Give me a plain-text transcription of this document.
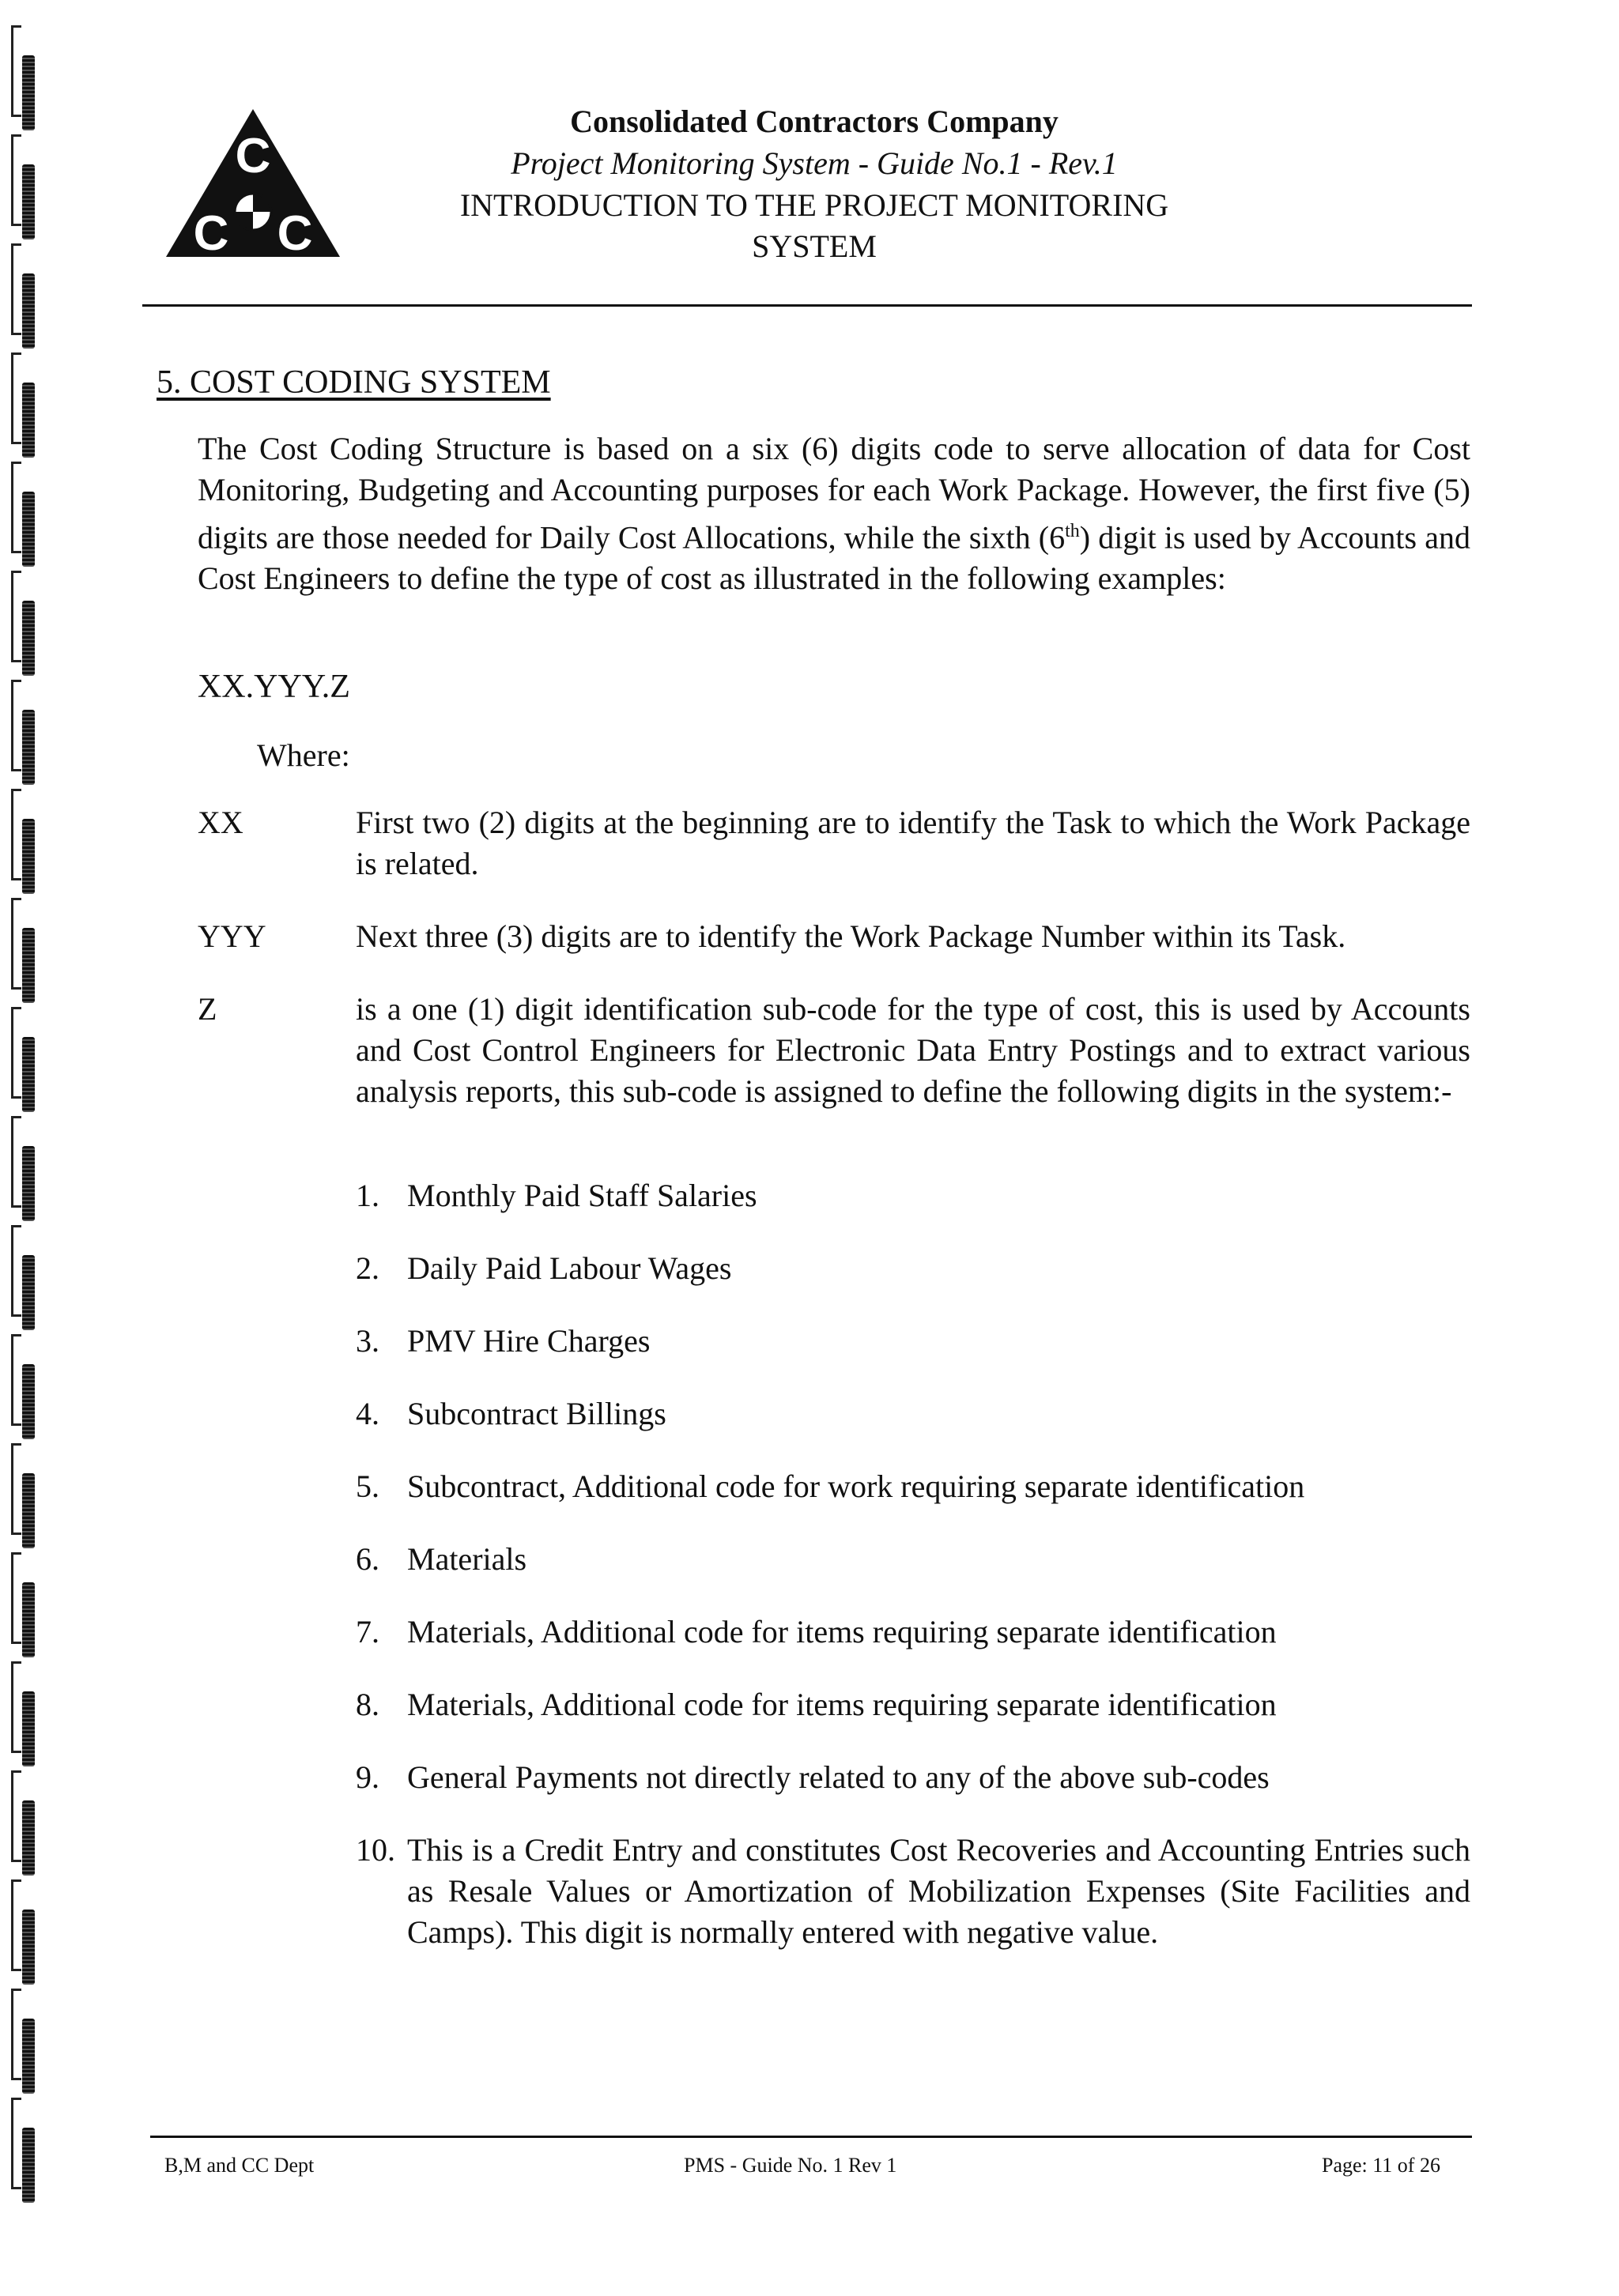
C
C C
Consolidated Contractors Company
Project Monitoring System - Guide No.1 - Rev.1
INTRODUCTION TO THE PROJECT MONITORING
SYSTEM
5. COST CODING SYSTEM
The Cost Coding Structure is based on a six (6) digits code to serve allocation of data for Cost Monitoring, Budgeting and Accounting purposes for each Work Package. However, the first five (5) digits are those needed for Daily Cost Allocations, while the sixth (6th) digit is used by Accounts and Cost Engineers to define the type of cost as illustrated in the following examples:
XX.YYY.Z
Where:
XX	First two (2) digits at the beginning are to identify the Task to which the Work Package is related.
YYY	Next three (3) digits are to identify the Work Package Number within its Task.
Z	is a one (1) digit identification sub-code for the type of cost, this is used by Accounts and Cost Control Engineers for Electronic Data Entry Postings and to extract various analysis reports, this sub-code is assigned to define the following digits in the system:-
1. Monthly Paid Staff Salaries
2. Daily Paid Labour Wages
3. PMV Hire Charges
4. Subcontract Billings
5. Subcontract, Additional code for work requiring separate identification
6. Materials
7. Materials, Additional code for items requiring separate identification
8. Materials, Additional code for items requiring separate identification
9. General Payments not directly related to any of the above sub-codes
10. This is a Credit Entry and constitutes Cost Recoveries and Accounting Entries such as Resale Values or Amortization of Mobilization Expenses (Site Facilities and Camps). This digit is normally entered with negative value.
B,M and CC Dept	PMS - Guide No. 1 Rev 1	Page: 11 of 26
